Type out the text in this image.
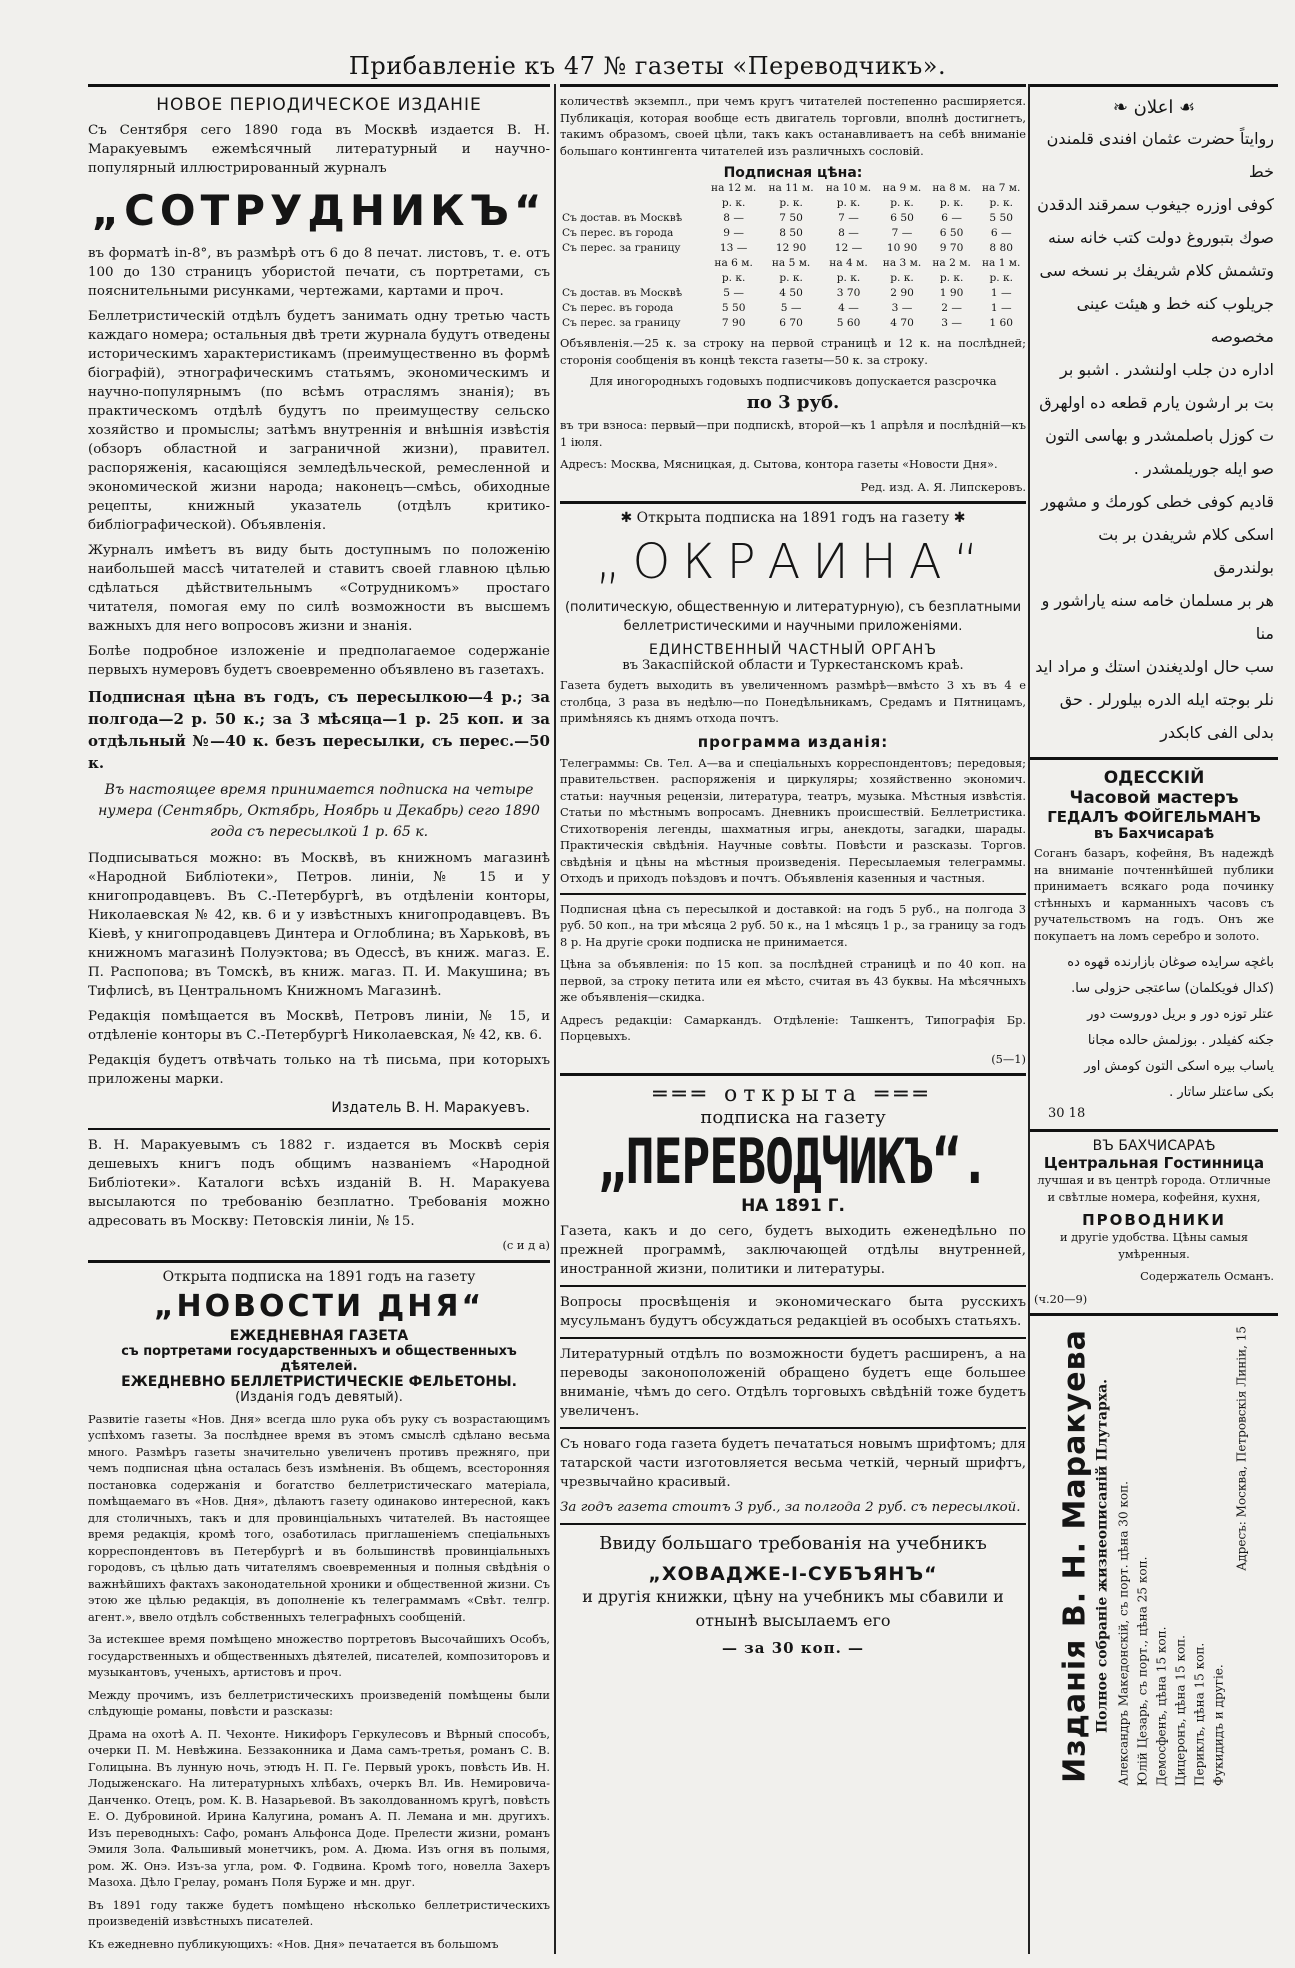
Прибавленіе къ 47 № газеты «Переводчикъ».
НОВОЕ ПЕРІОДИЧЕСКОЕ ИЗДАНІЕ

Съ Сентября сего 1890 года въ Москвѣ издается В. Н. Маракуевымъ ежемѣсячный литературный и научно-популярный иллюстрированный журналъ

„СОТРУДНИКЪ“

въ форматѣ in-8°, въ размѣрѣ отъ 6 до 8 печат. листовъ, т. е. отъ 100 до 130 страницъ убористой печати, съ портретами, съ пояснительными рисунками, чертежами, картами и проч.

Беллетристическій отдѣлъ будетъ занимать одну третью часть каждаго номера; остальныя двѣ трети журнала будутъ отведены историческимъ характеристикамъ (преимущественно въ формѣ біографій), этнографическимъ статьямъ, экономическимъ и научно-популярнымъ (по всѣмъ отраслямъ знанія); въ практическомъ отдѣлѣ будутъ по преимуществу сельско хозяйство и промыслы; затѣмъ внутреннія и внѣшнія извѣстія (обзоръ областной и заграничной жизни), правител. распоряженія, касающіяся земледѣльческой, ремесленной и экономической жизни народа; наконецъ—смѣсь, обиходные рецепты, книжный указатель (отдѣлъ критико-библіографической). Объявленія.

Журналъ имѣетъ въ виду быть доступнымъ по положенію наибольшей массѣ читателей и ставитъ своей главною цѣлью сдѣлаться дѣйствительнымъ «Сотрудникомъ» простаго читателя, помогая ему по силѣ возможности въ высшемъ важныхъ для него вопросовъ жизни и знанія.

Болѣе подробное изложеніе и предполагаемое содержаніе первыхъ нумеровъ будетъ своевременно объявлено въ газетахъ.

Подписная цѣна въ годъ, съ пересылкою—4 р.; за полгода—2 р. 50 к.; за 3 мѣсяца—1 р. 25 коп. и за отдѣльный №—40 к. безъ пересылки, съ перес.—50 к.

Въ настоящее время принимается подписка на четыре нумера (Сентябрь, Октябрь, Ноябрь и Декабрь) сего 1890 года съ пересылкой 1 р. 65 к.

Подписываться можно: въ Москвѣ, въ книжномъ магазинѣ «Народной Библіотеки», Петров. линіи, № 15 и у книгопродавцевъ. Въ С.-Петербургѣ, въ отдѣленіи конторы, Николаевская № 42, кв. 6 и у извѣстныхъ книгопродавцевъ. Въ Кіевѣ, у книгопродавцевъ Динтера и Оглоблина; въ Харьковѣ, въ книжномъ магазинѣ Полуэктова; въ Одессѣ, въ книж. магаз. Е. П. Распопова; въ Томскѣ, въ книж. магаз. П. И. Макушина; въ Тифлисѣ, въ Центральномъ Книжномъ Магазинѣ.

Редакція помѣщается въ Москвѣ, Петровъ линіи, № 15, и отдѣленіе конторы въ С.-Петербургѣ Николаевская, № 42, кв. 6.

Редакція будетъ отвѣчать только на тѣ письма, при которыхъ приложены марки.

Издатель В. Н. Маракуевъ.

В. Н. Маракуевымъ съ 1882 г. издается въ Москвѣ серія дешевыхъ книгъ подъ общимъ названіемъ «Народной Библіотеки». Каталоги всѣхъ изданій В. Н. Маракуева высылаются по требованію безплатно. Требованія можно адресовать въ Москву: Петовскія линіи, № 15.

(с и д а)

Открыта подписка на 1891 годъ на газету
„НОВОСТИ ДНЯ“
ЕЖЕДНЕВНАЯ ГАЗЕТА
съ портретами государственныхъ и общественныхъ дѣятелей.
ЕЖЕДНЕВНО БЕЛЛЕТРИСТИЧЕСКІЕ ФЕЛЬЕТОНЫ.
(Изданія годъ девятый).

Развитіе газеты «Нов. Дня» всегда шло рука объ руку съ возрастающимъ успѣхомъ газеты. За послѣднее время въ этомъ смыслѣ сдѣлано весьма много. Размѣръ газеты значительно увеличенъ противъ прежняго, при чемъ подписная цѣна осталась безъ измѣненія. Въ общемъ, всесторонняя постановка содержанія и богатство беллетристическаго матеріала, помѣщаемаго въ «Нов. Дня», дѣлаютъ газету одинаково интересной, какъ для столичныхъ, такъ и для провинціальныхъ читателей. Въ настоящее время редакція, кромѣ того, озаботилась приглашеніемъ спеціальныхъ корреспондентовъ въ Петербургѣ и въ большинствѣ провинціальныхъ городовъ, съ цѣлью дать читателямъ своевременныя и полныя свѣдѣнія о важнѣйшихъ фактахъ законодательной хроники и общественной жизни. Съ этою же цѣлью редакція, въ дополненіе къ телеграммамъ «Свѣт. телгр. агент.», ввело отдѣлъ собственныхъ телеграфныхъ сообщеній.

За истекшее время помѣщено множество портретовъ Высочайшихъ Особъ, государственныхъ и общественныхъ дѣятелей, писателей, композиторовъ и музыкантовъ, ученыхъ, артистовъ и проч.

Между прочимъ, изъ беллетристическихъ произведеній помѣщены были слѣдующіе романы, повѣсти и разсказы:

Драма на охотѣ А. П. Чехонте. Никифоръ Геркулесовъ и Вѣрный способъ, очерки П. М. Невѣжина. Беззаконника и Дама самъ-третья, романъ С. В. Голицына. Въ лунную ночь, этюдъ Н. П. Ге. Первый урокъ, повѣсть Ив. Н. Лодыженскаго. На литературныхъ хлѣбахъ, очеркъ Вл. Ив. Немировича-Данченко. Отецъ, ром. К. В. Назарьевой. Въ заколдованномъ кругѣ, повѣсть Е. О. Дубровиной. Ирина Калугина, романъ А. П. Лемана и мн. другихъ. Изъ переводныхъ: Сафо, романъ Альфонса Доде. Прелести жизни, романъ Эмиля Зола. Фальшивый монетчикъ, ром. А. Дюма. Изъ огня въ полымя, ром. Ж. Онэ. Изъ-за угла, ром. Ф. Годвина. Кромѣ того, новелла Захеръ Мазоха. Дѣло Грелау, романъ Поля Бурже и мн. друг.

Въ 1891 году также будетъ помѣщено нѣсколько беллетристическихъ произведеній извѣстныхъ писателей.

Къ ежедневно публикующихъ: «Нов. Дня» печатается въ большомъ

количествѣ экземпл., при чемъ кругъ читателей постепенно расширяется. Публикація, которая вообще есть двигатель торговли, вполнѣ достигнетъ, такимъ образомъ, своей цѣли, такъ какъ останавливаетъ на себѣ вниманіе большаго контингента читателей изъ различныхъ сословій.

Подписная цѣна:
	на 12 м.	на 11 м.	на 10 м.	на 9 м.	на 8 м.	на 7 м.
	р. к.	р. к.	р. к.	р. к.	р. к.	р. к.
Съ достав. въ Москвѣ	8 —	7 50	7 —	6 50	6 —	5 50
Съ перес. въ города	9 —	8 50	8 —	7 —	6 50	6 —
Съ перес. за границу	13 —	12 90	12 —	10 90	9 70	8 80
	на 6 м.	на 5 м.	на 4 м.	на 3 м.	на 2 м.	на 1 м.
	р. к.	р. к.	р. к.	р. к.	р. к.	р. к.
Съ достав. въ Москвѣ	5 —	4 50	3 70	2 90	1 90	1 —
Съ перес. въ города	5 50	5 —	4 —	3 —	2 —	1 —
Съ перес. за границу	7 90	6 70	5 60	4 70	3 —	1 60

Объявленія.—25 к. за строку на первой страницѣ и 12 к. на послѣдней; сторонія сообщенія въ концѣ текста газеты—50 к. за строку.

Для иногородныхъ годовыхъ подписчиковъ допускается разсрочка
по 3 руб.

въ три взноса: первый—при подпискѣ, второй—къ 1 апрѣля и послѣдній—къ 1 іюля.

Адресъ: Москва, Мясницкая, д. Сытова, контора газеты «Новости Дня».

Ред. изд. А. Я. Липскеровъ.

✱ Открыта подписка на 1891 годъ на газету ✱
„ОКРАИНА“

(политическую, общественную и литературную), съ безплатными беллетристическими и научными приложеніями.

ЕДИНСТВЕННЫЙ ЧАСТНЫЙ ОРГАНЪ
въ Закаспійской области и Туркестанскомъ краѣ.

Газета будетъ выходить въ увеличенномъ размѣрѣ—вмѣсто 3 хъ въ 4 е столбца, 3 раза въ недѣлю—по Понедѣльникамъ, Средамъ и Пятницамъ, примѣняясь къ днямъ отхода почтъ.

программа изданія:

Телеграммы: Св. Тел. А—ва и спеціальныхъ корреспондентовъ; передовыя; правительствен. распоряженія и циркуляры; хозяйственно экономич. статьи: научныя рецензіи, литература, театръ, музыка. Мѣстныя извѣстія. Статьи по мѣстнымъ вопросамъ. Дневникъ происшествій. Беллетристика. Стихотворенія легенды, шахматныя игры, анекдоты, загадки, шарады. Практическія свѣдѣнія. Научные совѣты. Повѣсти и разсказы. Торгов. свѣдѣнія и цѣны на мѣстныя произведенія. Пересылаемыя телеграммы. Отходъ и приходъ поѣздовъ и почтъ. Объявленія казенныя и частныя.

Подписная цѣна съ пересылкой и доставкой: на годъ 5 руб., на полгода 3 руб. 50 коп., на три мѣсяца 2 руб. 50 к., на 1 мѣсяцъ 1 р., за границу за годъ 8 р. На другіе сроки подписка не принимается.

Цѣна за объявленія: по 15 коп. за послѣдней страницѣ и по 40 коп. на первой, за строку петита или ея мѣсто, считая въ 43 буквы. На мѣсячныхъ же объявленія—скидка.

Адресъ редакціи: Самаркандъ. Отдѣленіе: Ташкентъ, Типографія Бр. Порцевыхъ.

(5—1)

═══ открыта ═══
подписка на газету
„ПЕРЕВОДЧИКЪ“.
НА 1891 Г.

Газета, какъ и до сего, будетъ выходить еженедѣльно по прежней программѣ, заключающей отдѣлы внутренней, иностранной жизни, политики и литературы.

Вопросы просвѣщенія и экономическаго быта русскихъ мусульманъ будутъ обсуждаться редакціей въ особыхъ статьяхъ.

Литературный отдѣлъ по возможности будетъ расширенъ, а на переводы законоположеній обращено будетъ еще большее вниманіе, чѣмъ до сего. Отдѣлъ торговыхъ свѣдѣній тоже будетъ увеличенъ.

Съ новаго года газета будетъ печататься новымъ шрифтомъ; для татарской части изготовляется весьма четкій, черный шрифтъ, чрезвычайно красивый.

За годъ газета стоитъ 3 руб., за полгода 2 руб. съ пересылкой.

Ввиду большаго требованія на учебникъ

„ХОВАДЖЕ-І-СУБЪЯНЪ“

и другія книжки, цѣну на учебникъ мы сбавили и отнынѣ высылаемъ его

— за 30 коп. —
❧ اعلان ☙
روايتاً حضرت عثمان افندى قلمندن خط
كوفى اوزره جيغوب سمرقند الدقدن
صوك بتبوروغ دولت كتب خانه سنه
وتشمش كلام شريفك بر نسخه سى
جريلوب كنه خط و هيئت عينى مخصوصه
اداره دن جلب اولنشدر . اشبو بر
بت بر ارشون يارم قطعه ده اولهرق
ت كوزل باصلمشدر و بهاسى التون
صو ايله جوريلمشدر .
قاديم كوفى خطى كورمك و مشهور
اسكى كلام شريفدن بر بت بولندرمق
هر بر مسلمان خامه سنه ياراشور و منا
سب حال اولديغندن استك و مراد ايد
نلر بوجته ايله الدره بيلورلر . حق
بدلى الفى كابكدر
ОДЕССКІЙ
Часовой мастеръ
ГЕДАЛЪ ФОЙГЕЛЬМАНЪ
въ Бахчисараѣ

Соганъ базаръ, кофейня, Въ надеждѣ на вниманіе почтеннѣйшей публики принимаетъ всякаго рода починку стѣнныхъ и карманныхъ часовъ съ ручательствомъ на годъ. Онъ же покупаетъ на ломъ серебро и золото.

باغچه سرايده صوغان بازارنده قهوه ده
(كدال فويكلمان) ساعتجى حزولى سا.
عتلر توزه دور و بريل دوروست دور
جكنه كفيلدر . بوزلمش حالده مجانا
ياساب بيره اسكى التون كومش اور
بكى ساعتلر ساتار .
30 18
ВЪ БАХЧИСАРАѢ
Центральная Гостинница

лучшая и въ центрѣ города. Отличные и свѣтлые номера, кофейня, кухня,

ПРОВОДНИКИ

и другіе удобства. Цѣны самыя умѣренныя.

Содержатель Османъ.

(ч.20—9)

Изданія В. Н. Маракуева Полное собраніе жизнеописаній Плутарха. Александръ Македонскій, съ порт. цѣна 30 коп. Юлій Цезарь, съ порт., цѣна 25 коп. Демосфенъ, цѣна 15 коп. Цицеронъ, цѣна 15 коп. Периклъ, цѣна 15 коп. Фукидидъ и другіе.

Адресъ: Москва, Петровскія Линіи, 15
